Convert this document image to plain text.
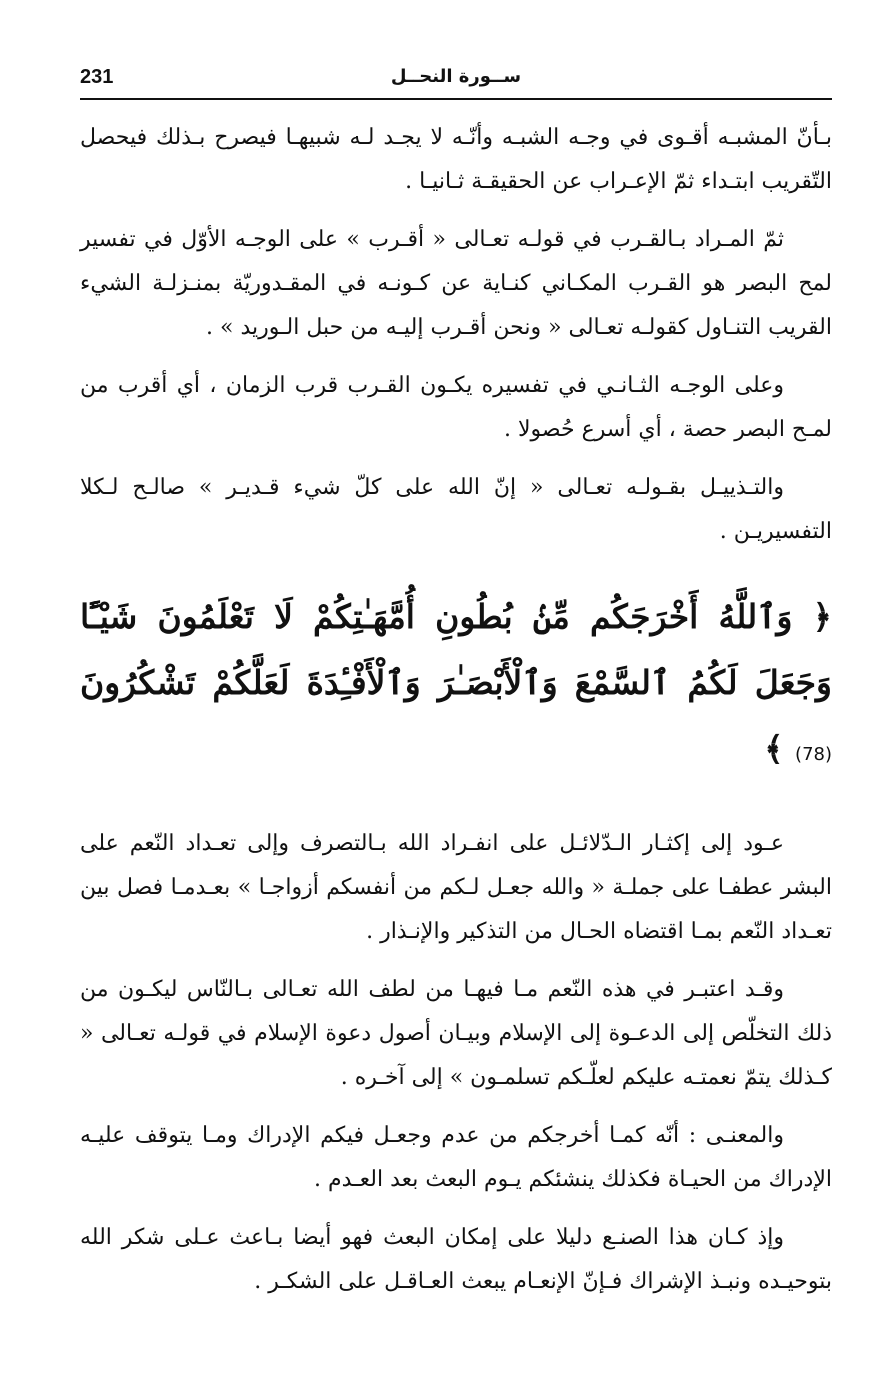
231	ســورة النحــل

بـأنّ المشبـه أقـوى في وجـه الشبـه وأنّـه لا يجـد لـه شبيهـا فيصرح بـذلك فيحصل التّقريب ابتـداء ثمّ الإعـراب عن الحقيقـة ثـانيـا .

ثمّ المـراد بـالقـرب في قولـه تعـالى « أقـرب » على الوجـه الأوّل في تفسير لمح البصر هو القـرب المكـاني كنـاية عن كـونـه في المقـدوريّة بمنـزلـة الشيء القريب التنـاول كقولـه تعـالى « ونحن أقـرب إليـه من حبل الـوريد » .

وعلى الوجـه الثـانـي في تفسيره يكـون القـرب قرب الزمان ، أي أقرب من لمـح البصر حصة ، أي أسرع حُصولا .

والتـذييـل بقـولـه تعـالى « إنّ الله على كلّ شيء قـديـر » صالـح لـكلا التفسيريـن .

﴿ وَٱللَّهُ أَخْرَجَكُم مِّنۢ بُطُونِ أُمَّهَـٰتِكُمْ لَا تَعْلَمُونَ شَيْـًٔا وَجَعَلَ لَكُمُ ٱلسَّمْعَ وَٱلْأَبْصَـٰرَ وَٱلْأَفْـِٔدَةَ لَعَلَّكُمْ تَشْكُرُونَ (78) ﴾

عـود إلى إكثـار الـدّلائـل على انفـراد الله بـالتصرف وإلى تعـداد النّعم على البشر عطفـا على جملـة « والله جعـل لـكم من أنفسكم أزواجـا » بعـدمـا فصل بين تعـداد النّعم بمـا اقتضاه الحـال من التذكير والإنـذار .

وقـد اعتبـر في هذه النّعم مـا فيهـا من لطف الله تعـالى بـالنّاس ليكـون من ذلك التخلّص إلى الدعـوة إلى الإسلام وبيـان أصول دعوة الإسلام في قولـه تعـالى « كـذلك يتمّ نعمتـه عليكم لعلّـكم تسلمـون » إلى آخـره .

والمعنـى : أنّه كمـا أخرجكم من عدم وجعـل فيكم الإدراك ومـا يتوقف عليـه الإدراك من الحيـاة فكذلك ينشئكم يـوم البعث بعد العـدم .

وإذ كـان هذا الصنـع دليلا على إمكان البعث فهو أيضا بـاعث عـلى شكر الله بتوحيـده ونبـذ الإشراك فـإنّ الإنعـام يبعث العـاقـل على الشكـر .
